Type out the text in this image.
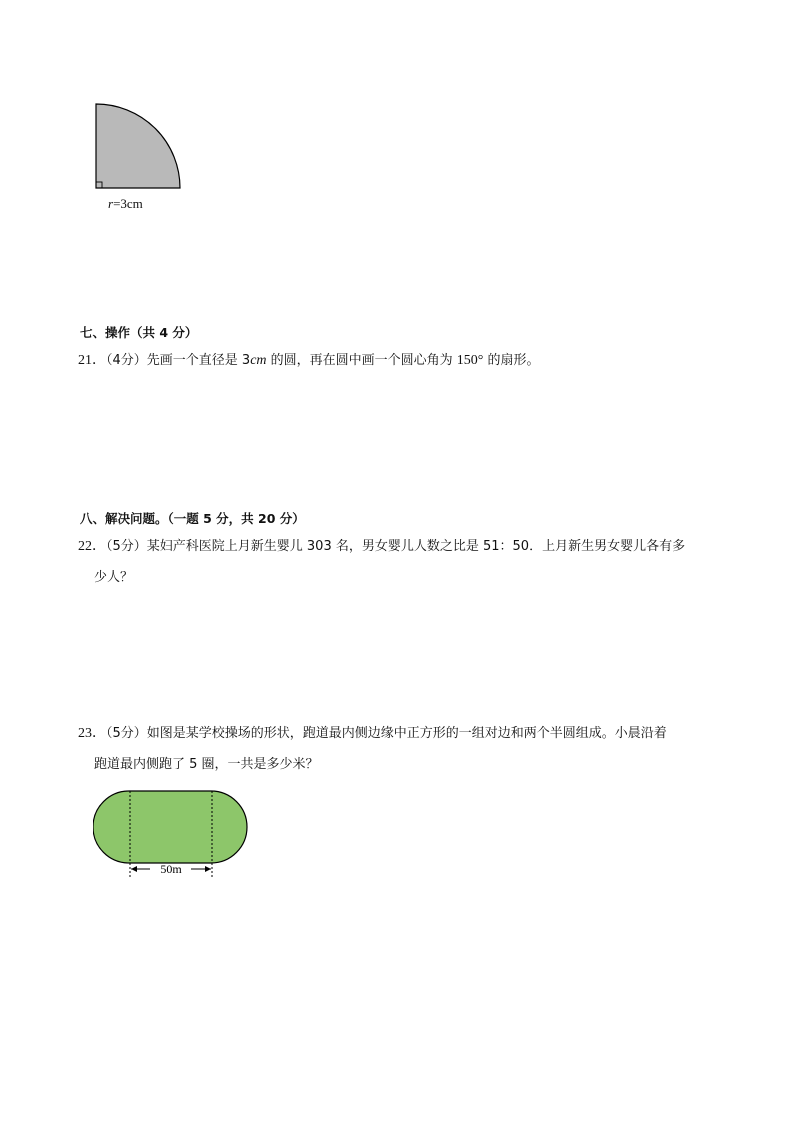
r=3cm
七、操作（共 4 分）
21．（4分）先画一个直径是 3cm 的圆，再在圆中画一个圆心角为 150° 的扇形。
八、解决问题。（一题 5 分，共 20 分）
22．（5分）某妇产科医院上月新生婴儿 303 名，男女婴儿人数之比是 51：50．上月新生男女婴儿各有多
少人？
23．（5分）如图是某学校操场的形状，跑道最内侧边缘中正方形的一组对边和两个半圆组成。小晨沿着
跑道最内侧跑了 5 圈，一共是多少米？
50m
